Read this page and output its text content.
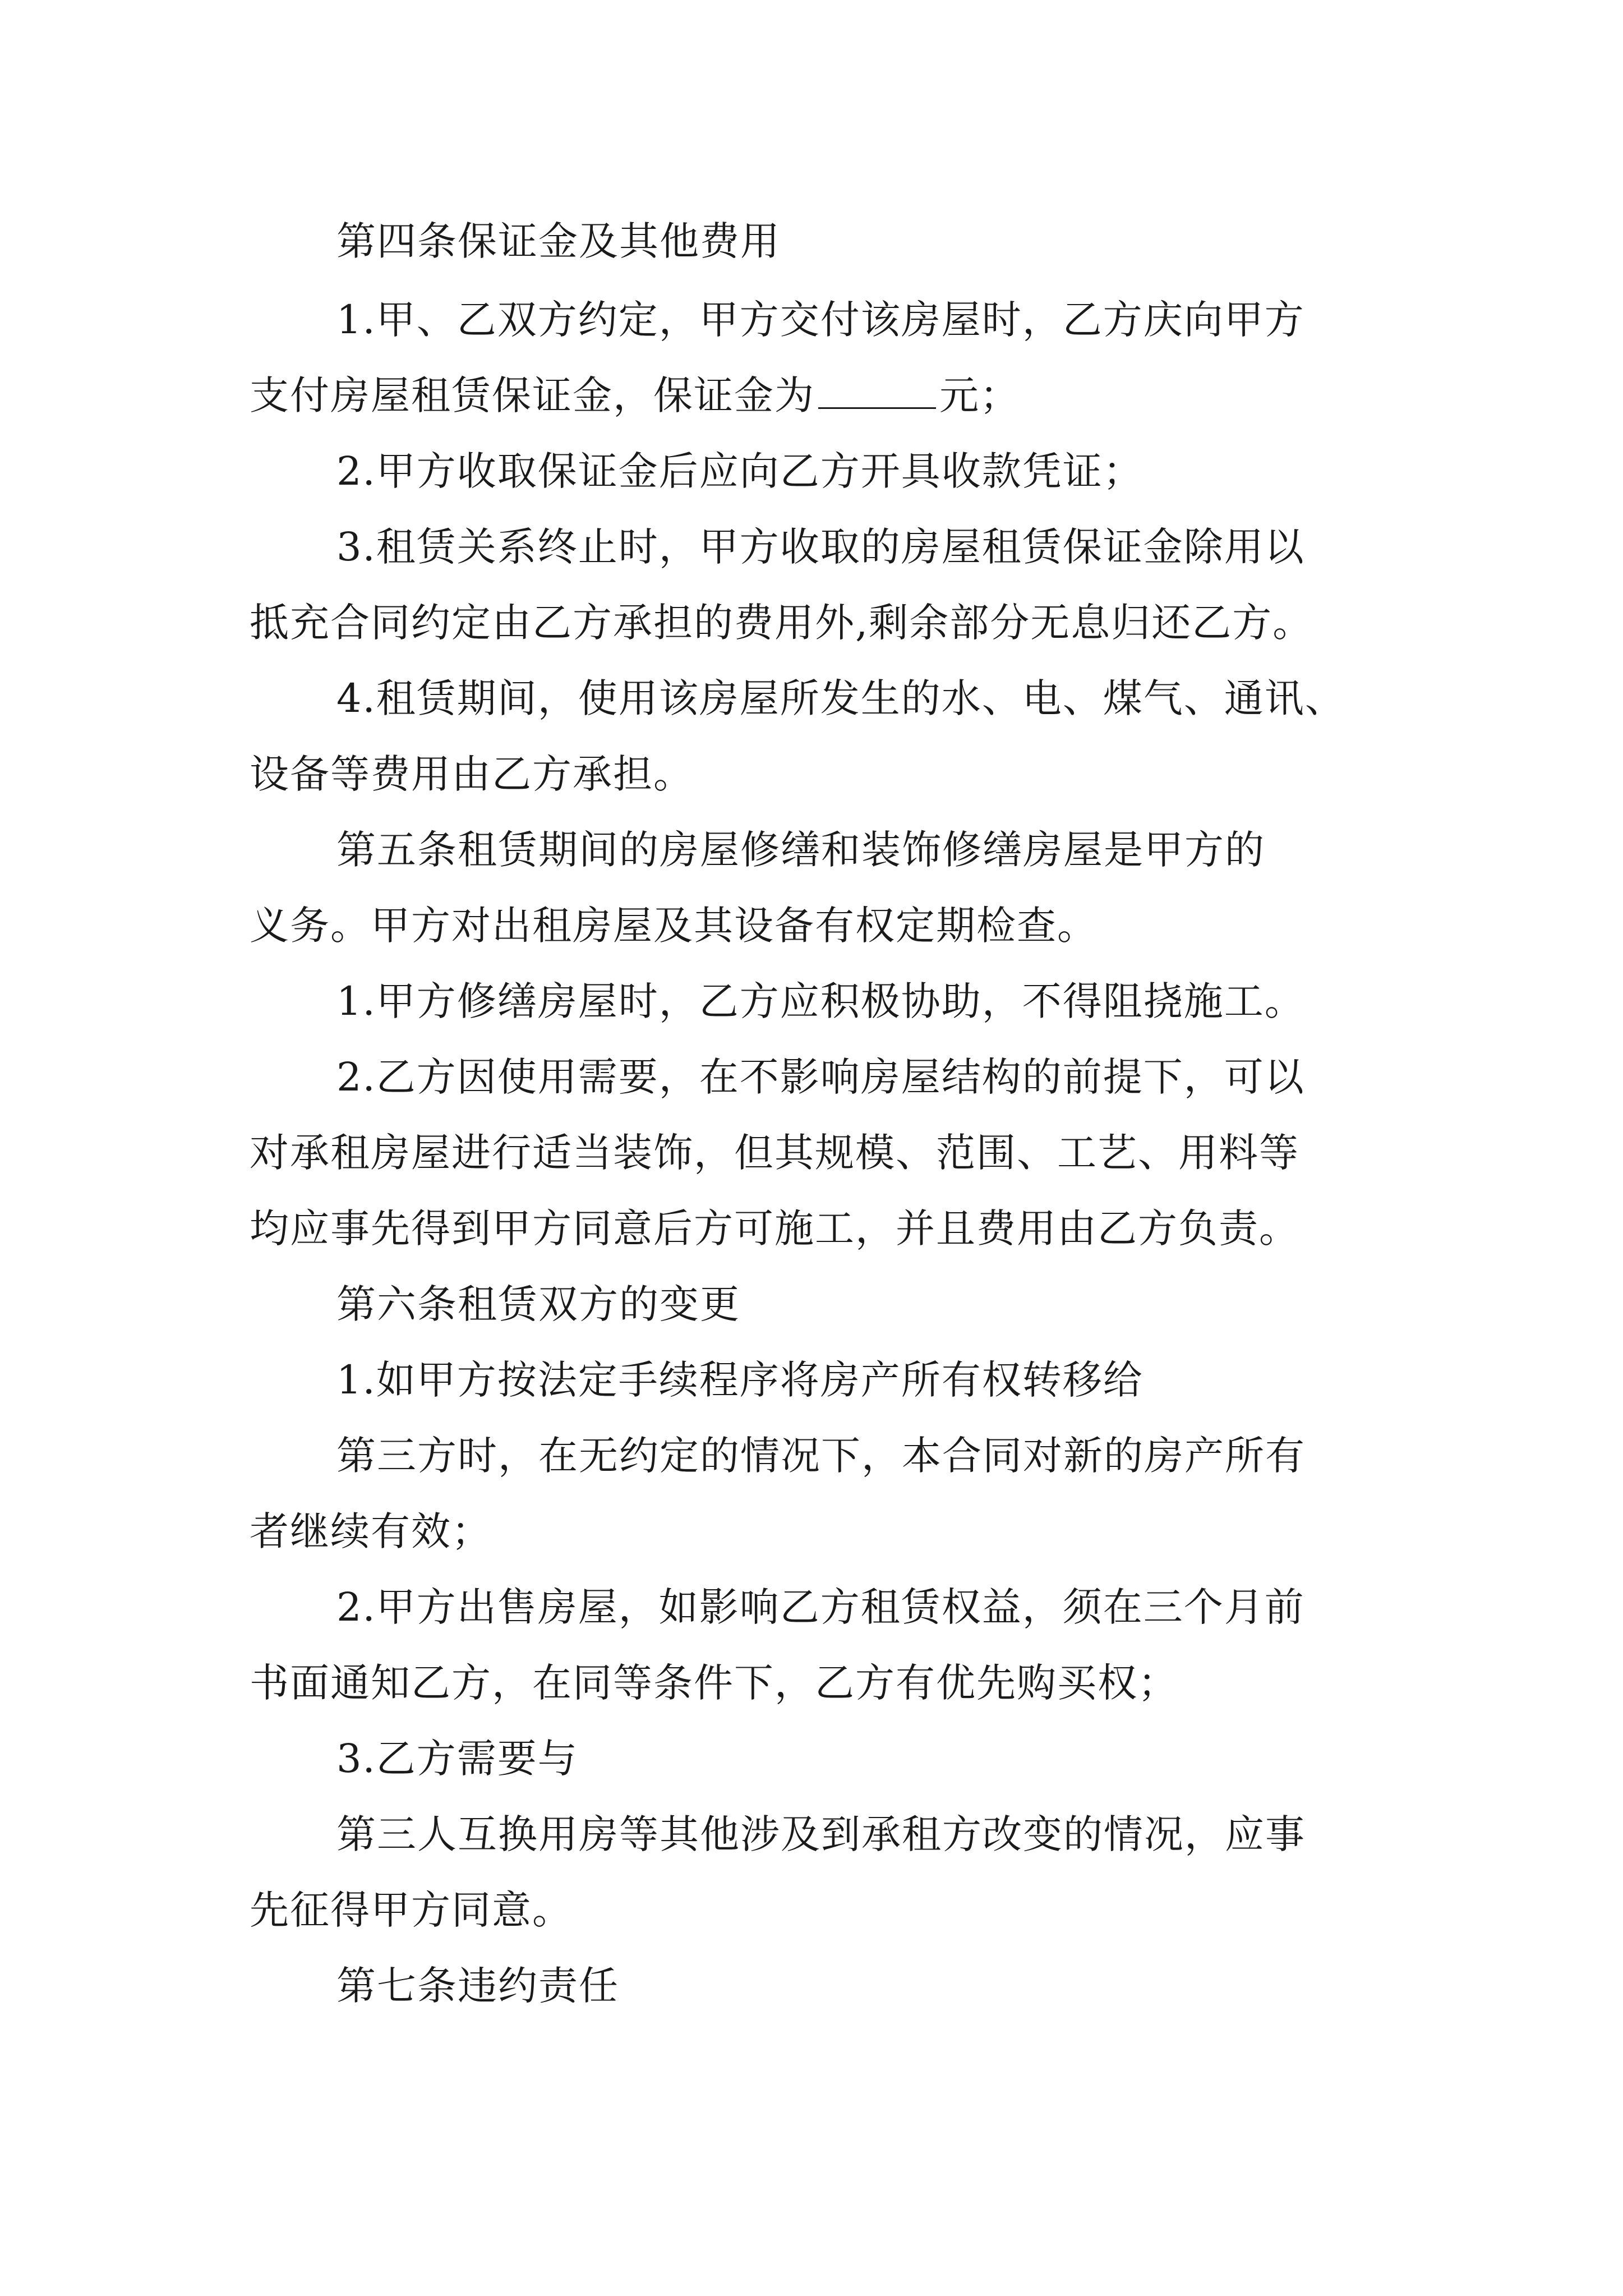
第四条保证金及其他费用
1.甲、乙双方约定，甲方交付该房屋时，乙方庆向甲方
支付房屋租赁保证金，保证金为	元；
2.甲方收取保证金后应向乙方开具收款凭证；
3.租赁关系终止时，甲方收取的房屋租赁保证金除用以
抵充合同约定由乙方承担的费用外,剩余部分无息归还乙方。
4.租赁期间，使用该房屋所发生的水、电、煤气、通讯、
设备等费用由乙方承担。
第五条租赁期间的房屋修缮和装饰修缮房屋是甲方的
义务。甲方对出租房屋及其设备有权定期检查。
1.甲方修缮房屋时，乙方应积极协助，不得阻挠施工。
2.乙方因使用需要，在不影响房屋结构的前提下，可以
对承租房屋进行适当装饰，但其规模、范围、工艺、用料等
均应事先得到甲方同意后方可施工，并且费用由乙方负责。
第六条租赁双方的变更
1.如甲方按法定手续程序将房产所有权转移给
第三方时，在无约定的情况下，本合同对新的房产所有
者继续有效；
2.甲方出售房屋，如影响乙方租赁权益，须在三个月前
书面通知乙方，在同等条件下，乙方有优先购买权；
3.乙方需要与
第三人互换用房等其他涉及到承租方改变的情况，应事
先征得甲方同意。
第七条违约责任
